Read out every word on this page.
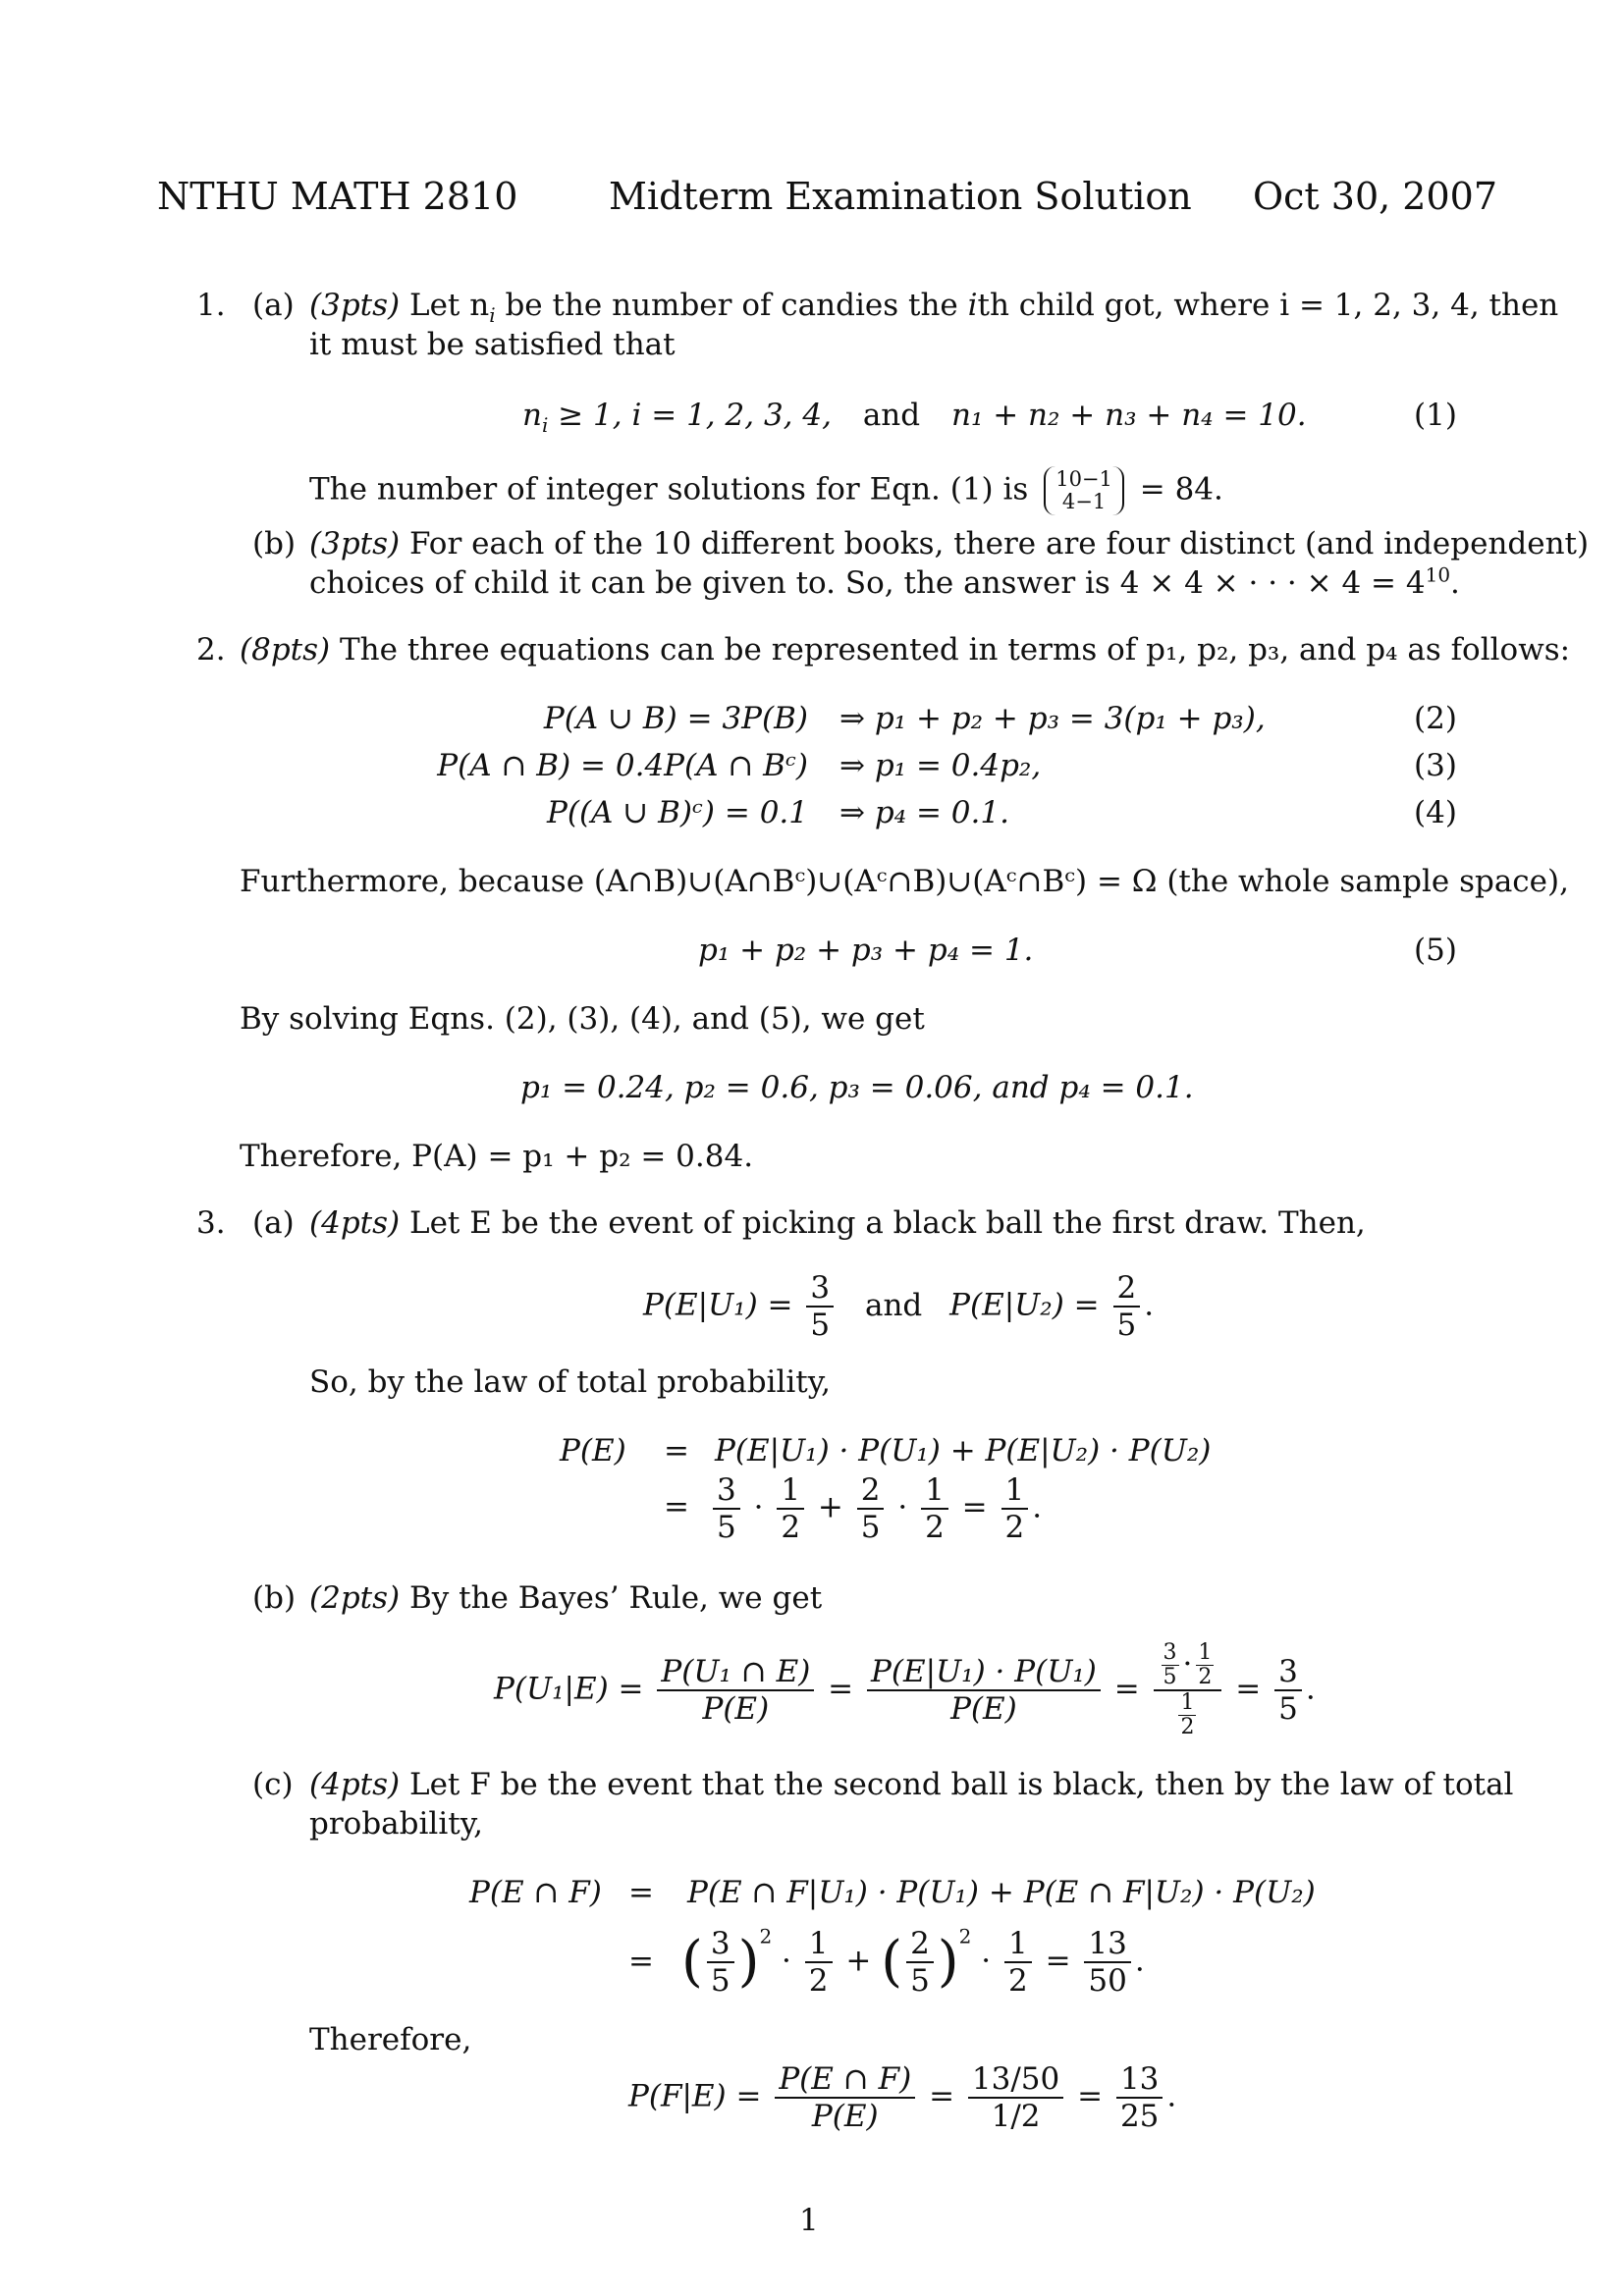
NTHU MATH 2810 Midterm Examination Solution Oct 30, 2007
1. (a) (3pts) Let $n_i$ be the number of candies the ith child got, where i = 1, 2, 3, 4, then
it must be satisfied that
$n_i \ge 1$, i = 1, 2, 3, 4, and n₁ + n₂ + n₃ + n₄ = 10.	(1)
The number of integer solutions for Eqn. (1) is 10−1
4−1 = 84.
(b) (3pts) For each of the 10 different books, there are four distinct (and independent)
choices of child it can be given to. So, the answer is 4 × 4 × · · · × $4 = 4^{10}$.
2. (8pts) The three equations can be represented in terms of p₁, p₂, p₃, and p₄ as follows:
P(A ∪ B) = 3P(B) ⇒ p₁ + p₂ + p₃ = 3(p₁ + p₃),	(2)
P(A ∩ B) = 0.4P(A ∩ Bᶜ) ⇒ p₁ = 0.4p₂,	(3)
P((A ∪ B)ᶜ) = 0.1 ⇒ p₄ = 0.1.	(4)
Furthermore, because (A∩B)∪(A∩Bᶜ)∪(Aᶜ∩B)∪(Aᶜ∩Bᶜ) = Ω (the whole sample space),
p₁ + p₂ + p₃ + p₄ = 1.	(5)
By solving Eqns. (2), (3), (4), and (5), we get
p₁ = 0.24, p₂ = 0.6, p₃ = 0.06, and p₄ = 0.1.
Therefore, P(A) = p₁ + p₂ = 0.84.
3. (a) (4pts) Let E be the event of picking a black ball the first draw. Then,
$P(E|U_1) = \frac{3}{5}$ and $P(E|U_2) = \frac{2}{5}$ .
So, by the law of total probability,
P(E) = P(E|U₁) · P(U₁) + P(E|U₂) · P(U₂)
= $\frac{3}{5} \cdot \frac{1}{2} + \frac{2}{5} \cdot \frac{1}{2} = \frac{1}{2}$ .
(b) (2pts) By the Bayes’ Rule, we get
$P(U_1|E) = \frac{\text{P(U₁ ∩ E)}}{P(E)} = \frac{\text{P(E|U₁) · P(U₁)}}{P(E)} = \frac{\frac{3}{5} \cdot \frac{1}{2}}{\frac{1}{2}} = \frac{3}{5}$ .
(c) (4pts) Let F be the event that the second ball is black, then by the law of total
probability,
P(E ∩ F) = P(E ∩ F|U₁) · P(U₁) + P(E ∩ F|U₂) · P(U₂)
= ( $\frac{3}{5} )^2 \cdot \frac{1}{2}$ + ( $\frac{2}{5} )^2 \cdot \frac{1}{2} = \frac{13}{50}$ .
Therefore,
$P(F|E) = \frac{P(E \cap F)}{P(E)} = \frac{13/50}{1/2} = \frac{13}{25}$ .
1
